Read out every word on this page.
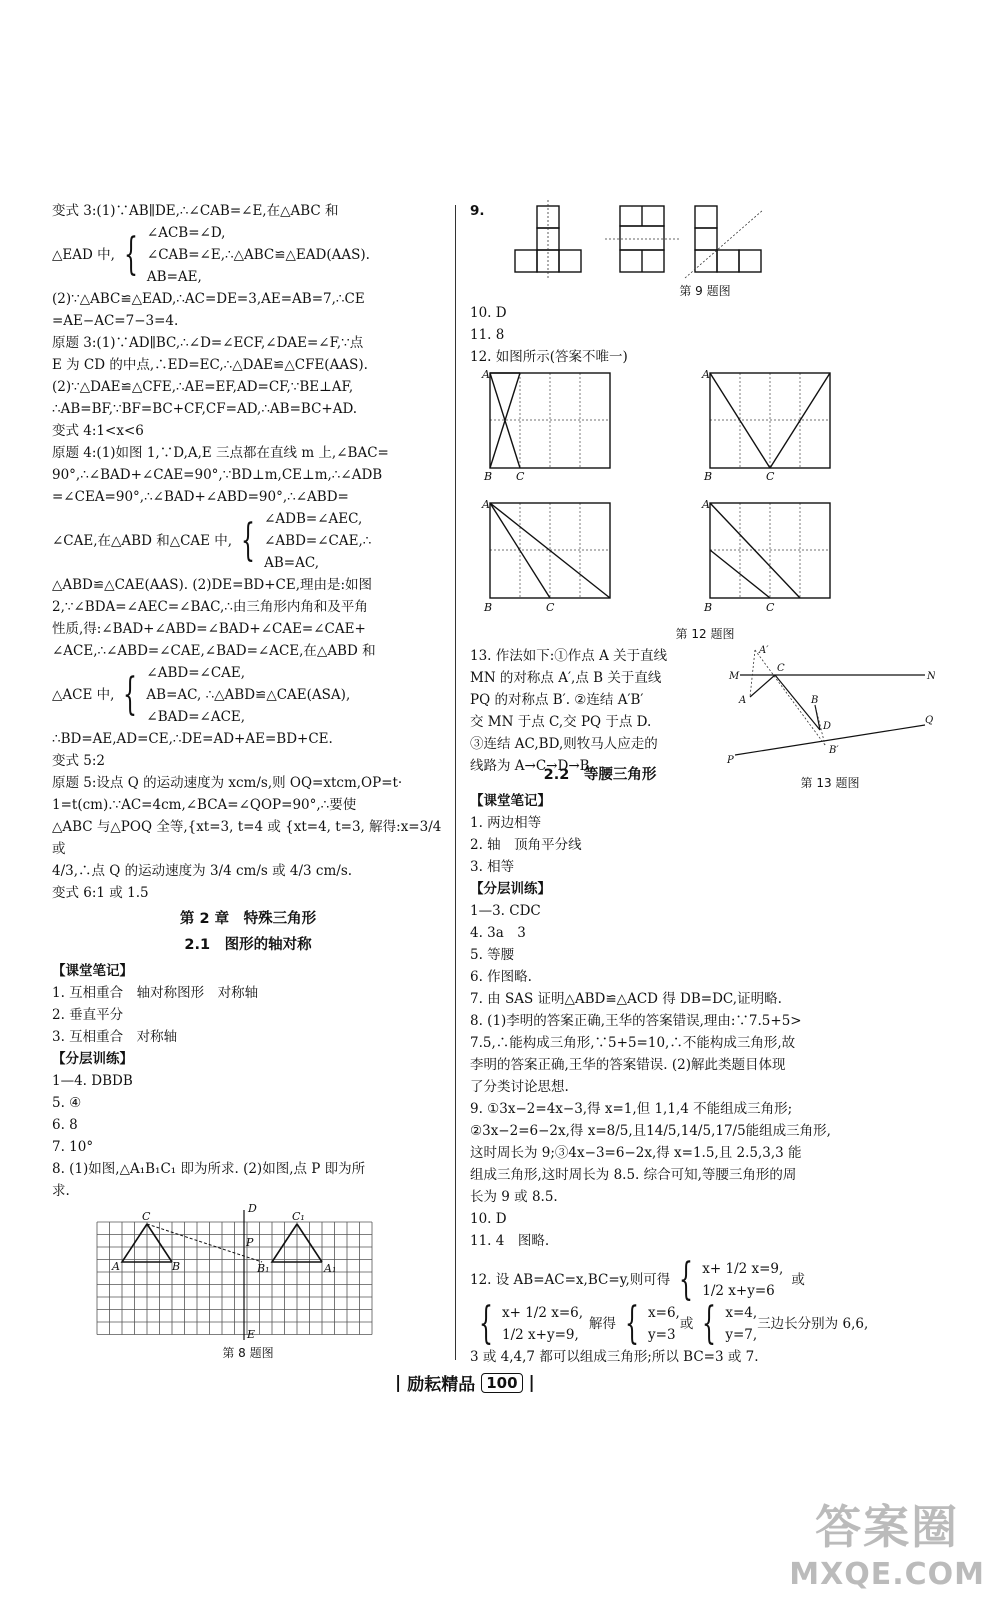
变式 3:(1)∵AB∥DE,∴∠CAB=∠E,在△ABC 和
△EAD 中, { ∠ACB=∠D,
∠CAB=∠E,∴△ABC≌△EAD(AAS).
AB=AE,
(2)∵△ABC≌△EAD,∴AC=DE=3,AE=AB=7,∴CE
=AE−AC=7−3=4.
原题 3:(1)∵AD∥BC,∴∠D=∠ECF,∠DAE=∠F,∵点
E 为 CD 的中点,∴ED=EC,∴△DAE≌△CFE(AAS).
(2)∵△DAE≌△CFE,∴AE=EF,AD=CF,∵BE⊥AF,
∴AB=BF,∵BF=BC+CF,CF=AD,∴AB=BC+AD.
变式 4:1<x<6
原题 4:(1)如图 1,∵D,A,E 三点都在直线 m 上,∠BAC=
90°,∴∠BAD+∠CAE=90°,∵BD⊥m,CE⊥m,∴∠ADB
=∠CEA=90°,∴∠BAD+∠ABD=90°,∴∠ABD=
∠CAE,在△ABD 和△CAE 中, { ∠ADB=∠AEC,
∠ABD=∠CAE,∴
AB=AC,
△ABD≌△CAE(AAS). (2)DE=BD+CE,理由是:如图
2,∵∠BDA=∠AEC=∠BAC,∴由三角形内角和及平角
性质,得:∠BAD+∠ABD=∠BAD+∠CAE=∠CAE+
∠ACE,∴∠ABD=∠CAE,∠BAD=∠ACE,在△ABD 和
△ACE 中, { ∠ABD=∠CAE,
AB=AC, ∴△ABD≌△CAE(ASA),
∠BAD=∠ACE,
∴BD=AE,AD=CE,∴DE=AD+AE=BD+CE.
变式 5:2
原题 5:设点 Q 的运动速度为 xcm/s,则 OQ=xtcm,OP=t·
1=t(cm).∵AC=4cm,∠BCA=∠QOP=90°,∴要使
△ABC 与△POQ 全等,{xt=3, t=4 或 {xt=4, t=3, 解得:x=3/4 或
4/3,∴点 Q 的运动速度为 3/4 cm/s 或 4/3 cm/s.
变式 6:1 或 1.5
第 2 章　特殊三角形
2.1　图形的轴对称
【课堂笔记】
1. 互相重合　轴对称图形　对称轴
2. 垂直平分
3. 互相重合　对称轴
【分层训练】
1—4. DBDB
5. ④
6. 8
7. 10°
8. (1)如图,△A₁B₁C₁ 即为所求. (2)如图,点 P 即为所
求.
C
D
C₁
P
A	B	B₁	A₁
E
第 8 题图
9.
第 9 题图
10. D
11. 8
12. 如图所示(答案不唯一)
A
B C
A
B	C
A
B	C
A
B	C
第 12 题图
13. 作法如下:①作点 A 关于直线
MN 的对称点 A′,点 B 关于直线
PQ 的对称点 B′. ②连结 A′B′
交 MN 于点 C,交 PQ 于点 D.
③连结 AC,BD,则牧马人应走的
线路为 A→C→D→B.
A′
M
C
N
A	B
D
Q
P
B′
第 13 题图
2.2　等腰三角形
【课堂笔记】
1. 两边相等
2. 轴　顶角平分线
3. 相等
【分层训练】
1—3. CDC
4. 3a　3
5. 等腰
6. 作图略.
7. 由 SAS 证明△ABD≌△ACD 得 DB=DC,证明略.
8. (1)李明的答案正确,王华的答案错误,理由:∵7.5+5>
7.5,∴能构成三角形,∵5+5=10,∴不能构成三角形,故
李明的答案正确,王华的答案错误. (2)解此类题目体现
了分类讨论思想.
9. ①3x−2=4x−3,得 x=1,但 1,1,4 不能组成三角形;
②3x−2=6−2x,得 x=8/5,且14/5,14/5,17/5能组成三角形,
这时周长为 9;③4x−3=6−2x,得 x=1.5,且 2.5,3,3 能
组成三角形,这时周长为 8.5. 综合可知,等腰三角形的周
长为 9 或 8.5.
10. D
11. 4　图略.
12. 设 AB=AC=x,BC=y,则可得 { x+ 1/2 x=9,
1/2 x+y=6
或
{ x+ 1/2 x=6,
1/2 x+y=9,
解得 { x=6,
y=3
或 { x=4,
y=7,
三边长分别为 6,6,
3 或 4,4,7 都可以组成三角形;所以 BC=3 或 7.
| 励耘精品 100 |
答案圈
MXQE.COM
